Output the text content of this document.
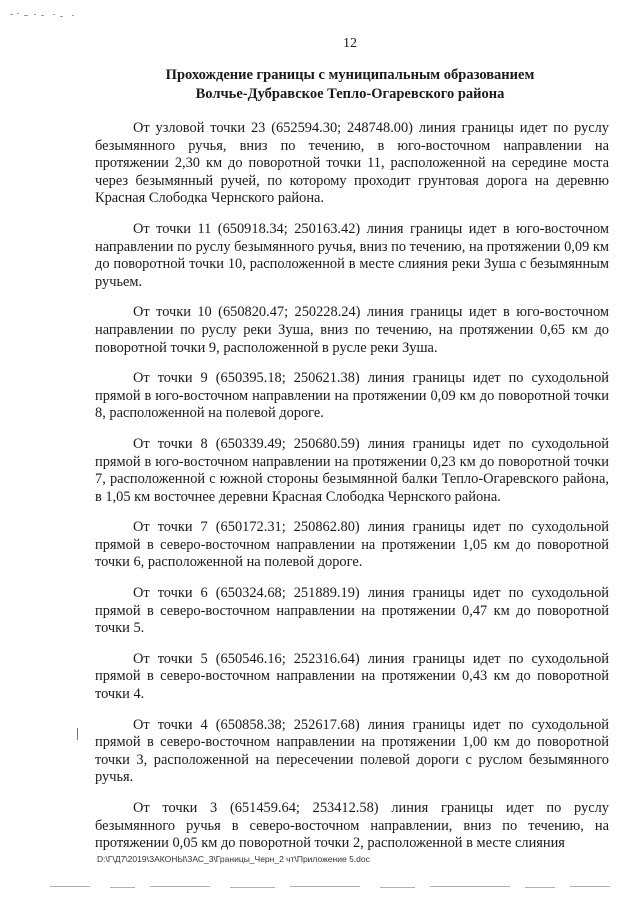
12
Прохождение границы с муниципальным образованием
Волчье-Дубравское Тепло-Огаревского района

От узловой точки 23 (652594.30; 248748.00) линия границы идет по руслу безымянного ручья, вниз по течению, в юго-восточном направлении на протяжении 2,30 км до поворотной точки 11, расположенной на середине моста через безымянный ручей, по которому проходит грунтовая дорога на деревню Красная Слободка Чернского района.

От точки 11 (650918.34; 250163.42) линия границы идет в юго-восточном направлении по руслу безымянного ручья, вниз по течению, на протяжении 0,09 км до поворотной точки 10, расположенной в месте слияния реки Зуша с безымянным ручьем.

От точки 10 (650820.47; 250228.24) линия границы идет в юго-восточном направлении по руслу реки Зуша, вниз по течению, на протяжении 0,65 км до поворотной точки 9, расположенной в русле реки Зуша.

От точки 9 (650395.18; 250621.38) линия границы идет по суходольной прямой в юго-восточном направлении на протяжении 0,09 км до поворотной точки 8, расположенной на полевой дороге.

От точки 8 (650339.49; 250680.59) линия границы идет по суходольной прямой в юго-восточном направлении на протяжении 0,23 км до поворотной точки 7, расположенной с южной стороны безымянной балки Тепло-Огаревского района, в 1,05 км восточнее деревни Красная Слободка Чернского района.

От точки 7 (650172.31; 250862.80) линия границы идет по суходольной прямой в северо-восточном направлении на протяжении 1,05 км до поворотной точки 6, расположенной на полевой дороге.

От точки 6 (650324.68; 251889.19) линия границы идет по суходольной прямой в северо-восточном направлении на протяжении 0,47 км до поворотной точки 5.

От точки 5 (650546.16; 252316.64) линия границы идет по суходольной прямой в северо-восточном направлении на протяжении 0,43 км до поворотной точки 4.

От точки 4 (650858.38; 252617.68) линия границы идет по суходольной прямой в северо-восточном направлении на протяжении 1,00 км до поворотной точки 3, расположенной на пересечении полевой дороги с руслом безымянного ручья.

От точки 3 (651459.64; 253412.58) линия границы идет по руслу безымянного ручья в северо-восточном направлении, вниз по течению, на протяжении 0,05 км до поворотной точки 2, расположенной в месте слияния

D:\Г\Д7\2019\ЗАКОНЫ\ЗАС_3\Границы_Черн_2 чт\Приложение 5.doc
